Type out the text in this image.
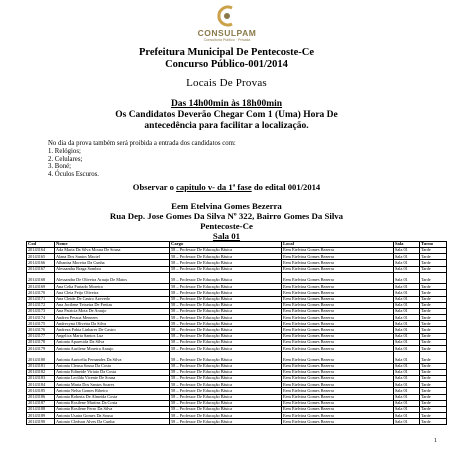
CONSULPAM
Consultoria Público · Privada
Prefeitura Municipal De Pentecoste-Ce
Concurso Público-001/2014
Locais De Provas
Das 14h00min às 18h00min
Os Candidatos Deverão Chegar Com 1 (Uma) Hora De
antecedência para facilitar a localização.
No dia da prova também será proibida a entrada dos candidatos com:
1. Relógios;
2. Celulares;
3. Boné;
4. Óculos Escuros.
Observar o capitulo v- da 1ª fase do edital 001/2014
Eem Etelvina Gomes Bezerra
Rua Dep. Jose Gomes Da Silva Nº 322, Bairro Gomes Da Silva
Pentecoste-Ce
Sala 01
Cod	Nome	Cargo	Local	Sala	Turno
20143164	Ada Maria Da Silva Moura De Sousa	58 – Professor De Educação Básica	Eem Etelvina Gomes Bezerra	Sala 01	Tarde
20143165	Alana Dos Santos Maciel	58 – Professor De Educação Básica	Eem Etelvina Gomes Bezerra	Sala 01	Tarde
20143166	Albanisa Moreira Da Cunha	58 – Professor De Educação Básica	Eem Etelvina Gomes Bezerra	Sala 01	Tarde
20143167	Alessandra Braga Sombra	58 – Professor De Educação Básica	Eem Etelvina Gomes Bezerra	Sala 01	Tarde
20143168	Alessandra De Oliveira Araujo De Matos	58 – Professor De Educação Básica	Eem Etelvina Gomes Bezerra	Sala 01	Tarde
20143169	Ana Celia Furtado Moreira	58 – Professor De Educação Básica	Eem Etelvina Gomes Bezerra	Sala 01	Tarde
20143170	Ana Cleia Feijo Oliveira	58 – Professor De Educação Básica	Eem Etelvina Gomes Bezerra	Sala 01	Tarde
20143171	Ana Cleide De Castro Azevedo	58 – Professor De Educação Básica	Eem Etelvina Gomes Bezerra	Sala 01	Tarde
20143172	Ana Jocilene Teixeira De Freitas	58 – Professor De Educação Básica	Eem Etelvina Gomes Bezerra	Sala 01	Tarde
20143173	Ana Patricia Mota De Araujo	58 – Professor De Educação Básica	Eem Etelvina Gomes Bezerra	Sala 01	Tarde
20143174	Andrea Pessoa Menezes	58 – Professor De Educação Básica	Eem Etelvina Gomes Bezerra	Sala 01	Tarde
20143175	Andrecyna Oliveira Da Silva	58 – Professor De Educação Básica	Eem Etelvina Gomes Bezerra	Sala 01	Tarde
20143176	Andreza Fabia Linhares De Castro	58 – Professor De Educação Básica	Eem Etelvina Gomes Bezerra	Sala 01	Tarde
20143177	Angelica Maria Santos Luz	58 – Professor De Educação Básica	Eem Etelvina Gomes Bezerra	Sala 01	Tarde
20143178	Antonia Aparecida Da Silva	58 – Professor De Educação Básica	Eem Etelvina Gomes Bezerra	Sala 01	Tarde
20143179	Antonia Aurilene Moreira Araujo	58 – Professor De Educação Básica	Eem Etelvina Gomes Bezerra	Sala 01	Tarde
20143180	Antonia Auricelia Fernandes Da Silva	58 – Professor De Educação Básica	Eem Etelvina Gomes Bezerra	Sala 01	Tarde
20143181	Antonia Cleusa Sousa Da Costa	58 – Professor De Educação Básica	Eem Etelvina Gomes Bezerra	Sala 01	Tarde
20143182	Antonia Edineide Viriato Da Costa	58 – Professor De Educação Básica	Eem Etelvina Gomes Bezerra	Sala 01	Tarde
20143183	Antonia Lecilda Vicente De Sousa	58 – Professor De Educação Básica	Eem Etelvina Gomes Bezerra	Sala 01	Tarde
20143184	Antonia Maria Dos Santos Soares	58 – Professor De Educação Básica	Eem Etelvina Gomes Bezerra	Sala 01	Tarde
20143185	Antonia Nelsa Gomes Ribeiro	58 – Professor De Educação Básica	Eem Etelvina Gomes Bezerra	Sala 01	Tarde
20143186	Antonia Roberta De Almeida Costa	58 – Professor De Educação Básica	Eem Etelvina Gomes Bezerra	Sala 01	Tarde
20143187	Antonia Rosilene Martins Da Costa	58 – Professor De Educação Básica	Eem Etelvina Gomes Bezerra	Sala 01	Tarde
20143188	Antonia Rosilene Ferro Da Silva	58 – Professor De Educação Básica	Eem Etelvina Gomes Bezerra	Sala 01	Tarde
20143189	Antonia Usatra Gomes Da Sousa	58 – Professor De Educação Básica	Eem Etelvina Gomes Bezerra	Sala 01	Tarde
20143190	Antonio Cledson Alves Da Cunha	58 – Professor De Educação Básica	Eem Etelvina Gomes Bezerra	Sala 01	Tarde
1
